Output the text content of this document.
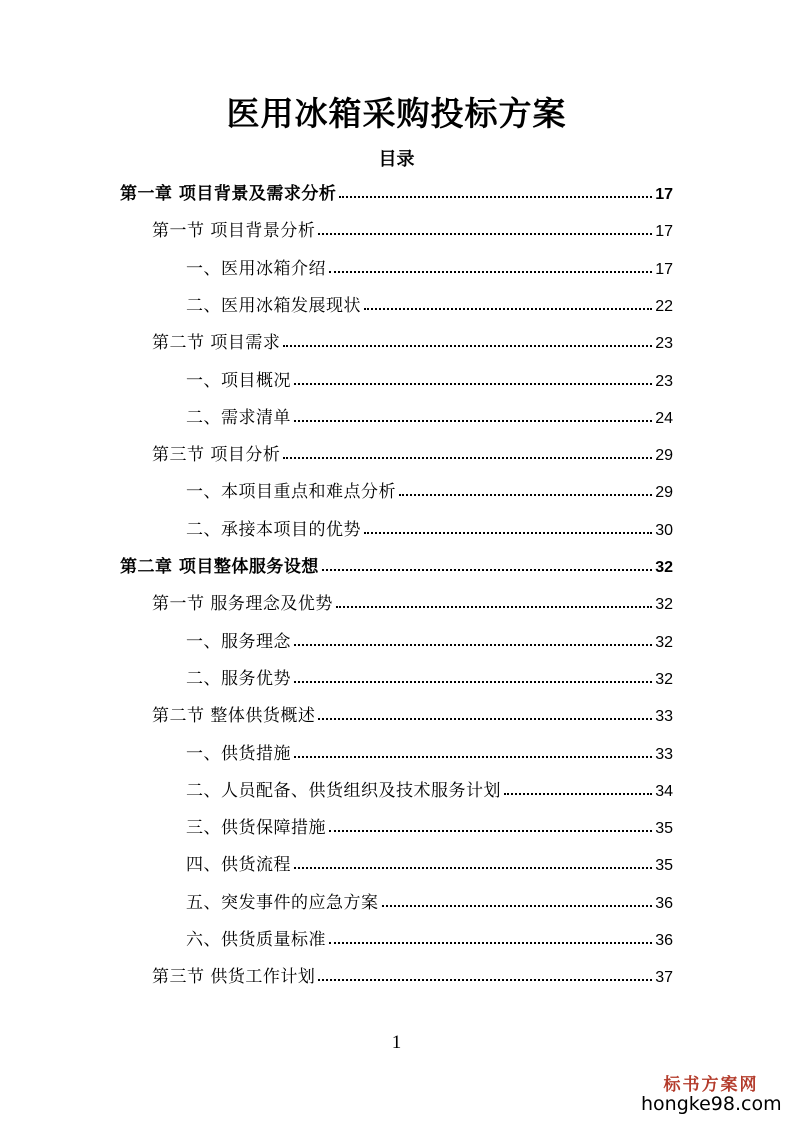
医用冰箱采购投标方案
目录
第一章 项目背景及需求分析	17
第一节 项目背景分析	17
一、医用冰箱介绍	17
二、医用冰箱发展现状	22
第二节 项目需求	23
一、项目概况	23
二、需求清单	24
第三节 项目分析	29
一、本项目重点和难点分析	29
二、承接本项目的优势	30
第二章 项目整体服务设想	32
第一节 服务理念及优势	32
一、服务理念	32
二、服务优势	32
第二节 整体供货概述	33
一、供货措施	33
二、人员配备、供货组织及技术服务计划	34
三、供货保障措施	35
四、供货流程	35
五、突发事件的应急方案	36
六、供货质量标准	36
第三节 供货工作计划	37
1
标书方案网
hongke98.com
